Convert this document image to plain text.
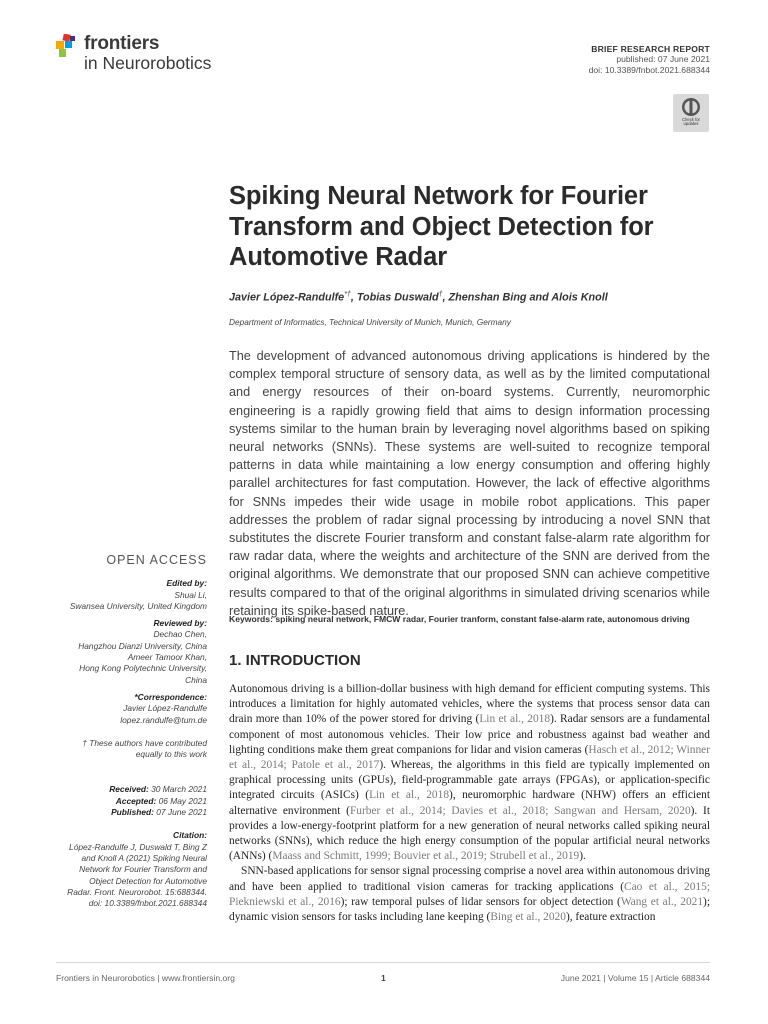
frontiers
in Neurorobotics
BRIEF RESEARCH REPORT
published: 07 June 2021
doi: 10.3389/fnbot.2021.688344
Check for
updates
Spiking Neural Network for Fourier Transform and Object Detection for Automotive Radar
Javier López-Randulfe*†, Tobias Duswald†, Zhenshan Bing and Alois Knoll
Department of Informatics, Technical University of Munich, Munich, Germany
The development of advanced autonomous driving applications is hindered by the complex temporal structure of sensory data, as well as by the limited computational and energy resources of their on-board systems. Currently, neuromorphic engineering is a rapidly growing field that aims to design information processing systems similar to the human brain by leveraging novel algorithms based on spiking neural networks (SNNs). These systems are well-suited to recognize temporal patterns in data while maintaining a low energy consumption and offering highly parallel architectures for fast computation. However, the lack of effective algorithms for SNNs impedes their wide usage in mobile robot applications. This paper addresses the problem of radar signal processing by introducing a novel SNN that substitutes the discrete Fourier transform and constant false-alarm rate algorithm for raw radar data, where the weights and architecture of the SNN are derived from the original algorithms. We demonstrate that our proposed SNN can achieve competitive results compared to that of the original algorithms in simulated driving scenarios while retaining its spike-based nature.
Keywords: spiking neural network, FMCW radar, Fourier tranform, constant false-alarm rate, autonomous driving
1. INTRODUCTION

Autonomous driving is a billion-dollar business with high demand for efficient computing systems. This introduces a limitation for highly automated vehicles, where the systems that process sensor data can drain more than 10% of the power stored for driving (Lin et al., 2018). Radar sensors are a fundamental component of most autonomous vehicles. Their low price and robustness against bad weather and lighting conditions make them great companions for lidar and vision cameras (Hasch et al., 2012; Winner et al., 2014; Patole et al., 2017). Whereas, the algorithms in this field are typically implemented on graphical processing units (GPUs), field-programmable gate arrays (FPGAs), or application-specific integrated circuits (ASICs) (Lin et al., 2018), neuromorphic hardware (NHW) offers an efficient alternative environment (Furber et al., 2014; Davies et al., 2018; Sangwan and Hersam, 2020). It provides a low-energy-footprint platform for a new generation of neural networks called spiking neural networks (SNNs), which reduce the high energy consumption of the popular artificial neural networks (ANNs) (Maass and Schmitt, 1999; Bouvier et al., 2019; Strubell et al., 2019).

SNN-based applications for sensor signal processing comprise a novel area within autonomous driving and have been applied to traditional vision cameras for tracking applications (Cao et al., 2015; Piekniewski et al., 2016); raw temporal pulses of lidar sensors for object detection (Wang et al., 2021); dynamic vision sensors for tasks including lane keeping (Bing et al., 2020), feature extraction

OPEN ACCESS
Edited by:
Shuai Li,
Swansea University, United Kingdom
Reviewed by:
Dechao Chen,
Hangzhou Dianzi University, China
Ameer Tamoor Khan,
Hong Kong Polytechnic University,
China
*Correspondence:
Javier López-Randulfe
lopez.randulfe@tum.de
† These authors have contributed
equally to this work
Received: 30 March 2021
Accepted: 06 May 2021
Published: 07 June 2021
Citation:
López-Randulfe J, Duswald T, Bing Z
and Knoll A (2021) Spiking Neural
Network for Fourier Transform and
Object Detection for Automotive
Radar. Front. Neurorobot. 15:688344.
doi: 10.3389/fnbot.2021.688344
Frontiers in Neurorobotics | www.frontiersin.org	1	June 2021 | Volume 15 | Article 688344
